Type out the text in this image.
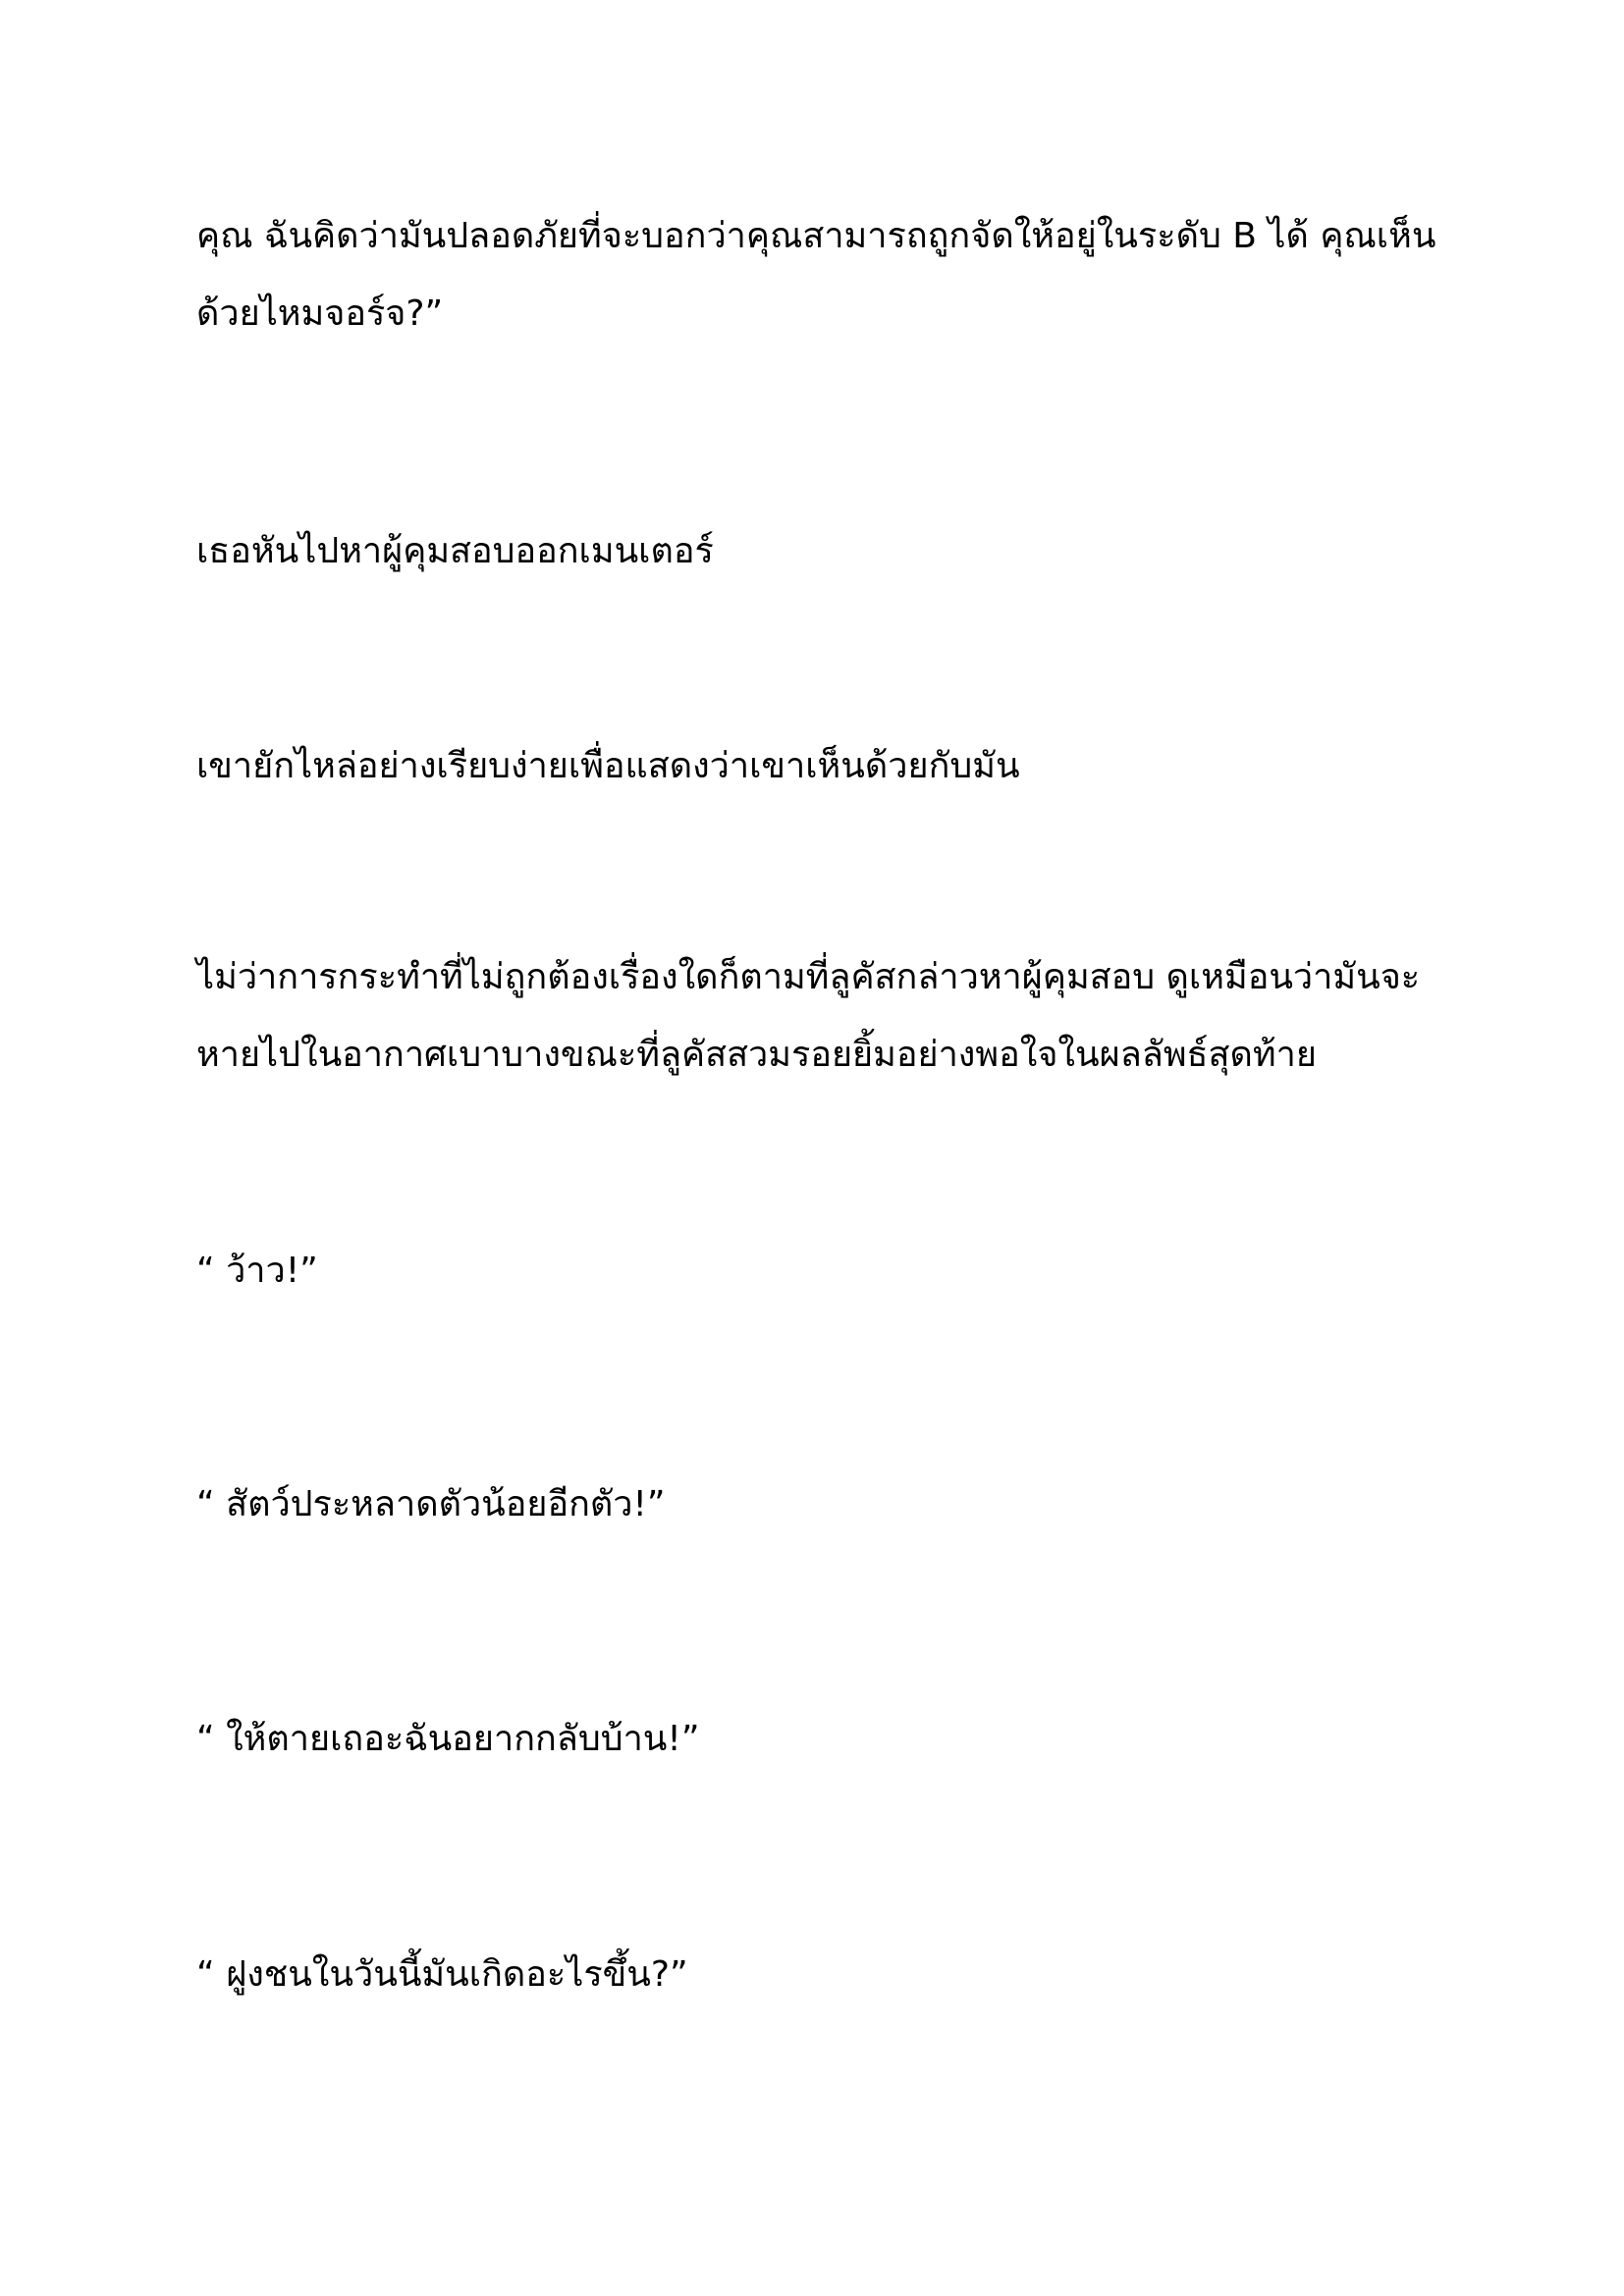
คุณ ฉันคิดว่ามันปลอดภัยที่จะบอกว่าคุณสามารถถูกจัดให้อยู่ในระดับ B ได้ คุณเห็น
ด้วยไหมจอร์จ?”

เธอหันไปหาผู้คุมสอบออกเมนเตอร์

เขายักไหล่อย่างเรียบง่ายเพื่อแสดงว่าเขาเห็นด้วยกับมัน

ไม่ว่าการกระทำที่ไม่ถูกต้องเรื่องใดก็ตามที่ลูคัสกล่าวหาผู้คุมสอบ ดูเหมือนว่ามันจะ
หายไปในอากาศเบาบางขณะที่ลูคัสสวมรอยยิ้มอย่างพอใจในผลลัพธ์สุดท้าย

“ ว้าว!”

“ สัตว์ประหลาดตัวน้อยอีกตัว!”

“ ให้ตายเถอะฉันอยากกลับบ้าน!”

“ ฝูงชนในวันนี้มันเกิดอะไรขึ้น?”
